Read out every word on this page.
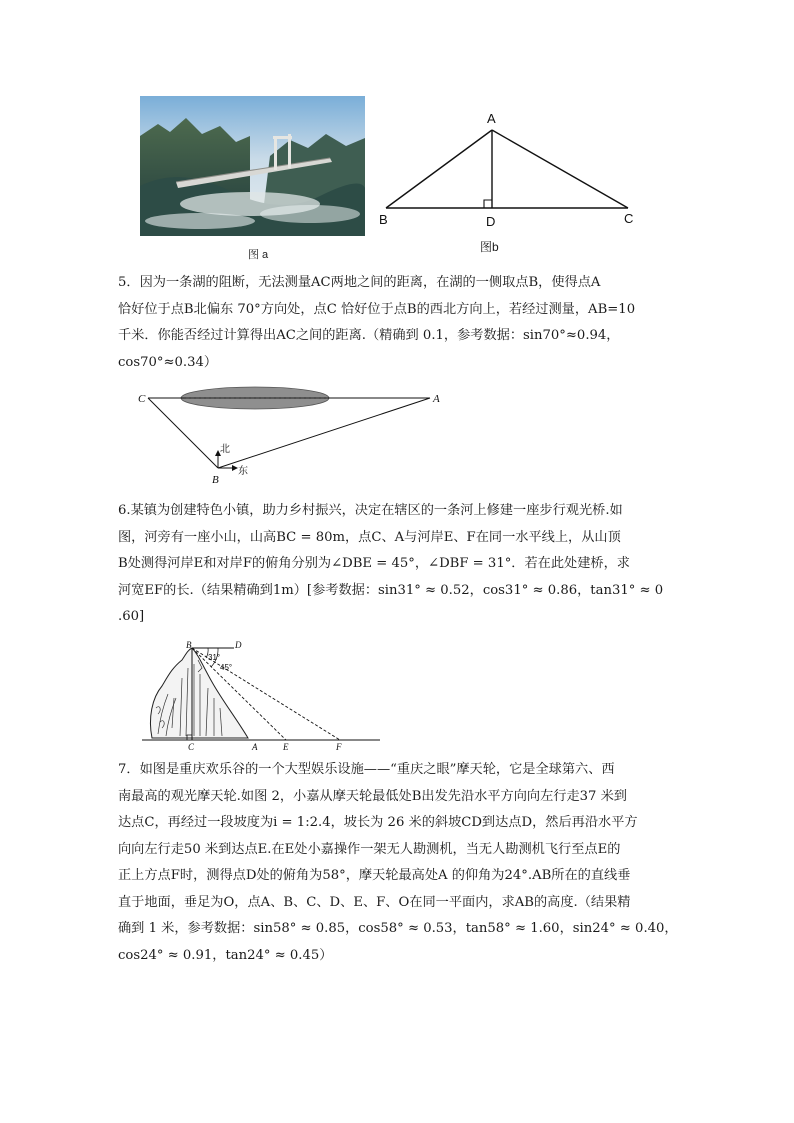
图 a
A
B	D	C
图b
5．因为一条湖的阻断，无法测量AC两地之间的距离，在湖的一侧取点B，使得点A
恰好位于点B北偏东 70°方向处，点C 恰好位于点B的西北方向上，若经过测量，AB=10
千米．你能否经过计算得出AC之间的距离.（精确到 0.1，参考数据：sin70°≈0.94，
cos70°≈0.34）
C	A
B
北
东
6.某镇为创建特色小镇，助力乡村振兴，决定在辖区的一条河上修建一座步行观光桥.如
图，河旁有一座小山，山高BC = 80m，点C、A与河岸E、F在同一水平线上，从山顶
B处测得河岸E和对岸F的俯角分别为∠DBE = 45°，∠DBF = 31°．若在此处建桥，求
河宽EF的长.（结果精确到1m）[参考数据：sin31° ≈ 0.52，cos31° ≈ 0.86，tan31° ≈ 0
.60]
B	D
31°
45°
C	A	E	F
7．如图是重庆欢乐谷的一个大型娱乐设施——“重庆之眼”摩天轮，它是全球第六、西
南最高的观光摩天轮.如图 2，小嘉从摩天轮最低处B出发先沿水平方向向左行走37 米到
达点C，再经过一段坡度为i = 1:2.4，坡长为 26 米的斜坡CD到达点D，然后再沿水平方
向向左行走50 米到达点E.在E处小嘉操作一架无人勘测机，当无人勘测机飞行至点E的
正上方点F时，测得点D处的俯角为58°，摩天轮最高处A 的仰角为24°.AB所在的直线垂
直于地面，垂足为O，点A、B、C、D、E、F、O在同一平面内，求AB的高度.（结果精
确到 1 米，参考数据：sin58° ≈ 0.85，cos58° ≈ 0.53，tan58° ≈ 1.60，sin24° ≈ 0.40，
cos24° ≈ 0.91，tan24° ≈ 0.45）
